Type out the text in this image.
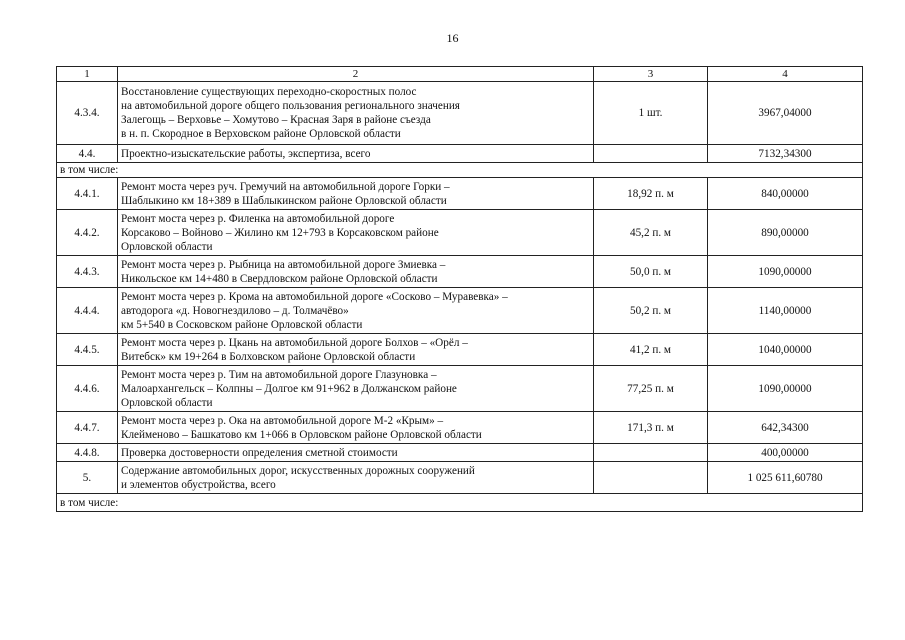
16
1	2	3	4
4.3.4.	Восстановление существующих переходно-скоростных полос
на автомобильной дороге общего пользования регионального значения
Залегощь – Верховье – Хомутово – Красная Заря в районе съезда
в н. п. Скородное в Верховском районе Орловской области	1 шт.	3967,04000
4.4.	Проектно-изыскательские работы, экспертиза, всего		7132,34300
в том числе:			
4.4.1.	Ремонт моста через руч. Гремучий на автомобильной дороге Горки –
Шаблыкино км 18+389 в Шаблыкинском районе Орловской области	18,92 п. м	840,00000
4.4.2.	Ремонт моста через р. Филенка на автомобильной дороге
Корсаково – Войново – Жилино км 12+793 в Корсаковском районе
Орловской области	45,2 п. м	890,00000
4.4.3.	Ремонт моста через р. Рыбница на автомобильной дороге Змиевка –
Никольское км 14+480 в Свердловском районе Орловской области	50,0 п. м	1090,00000
4.4.4.	Ремонт моста через р. Крома на автомобильной дороге «Сосково – Муравевка» –
автодорога «д. Новогнездилово – д. Толмачёво»
км 5+540 в Сосковском районе Орловской области	50,2 п. м	1140,00000
4.4.5.	Ремонт моста через р. Цкань на автомобильной дороге Болхов – «Орёл –
Витебск» км 19+264 в Болховском районе Орловской области	41,2 п. м	1040,00000
4.4.6.	Ремонт моста через р. Тим на автомобильной дороге Глазуновка –
Малоархангельск – Колпны – Долгое км 91+962 в Должанском районе
Орловской области	77,25 п. м	1090,00000
4.4.7.	Ремонт моста через р. Ока на автомобильной дороге М-2 «Крым» –
Клейменово – Башкатово км 1+066 в Орловском районе Орловской области	171,3 п. м	642,34300
4.4.8.	Проверка достоверности определения сметной стоимости		400,00000
5.	Содержание автомобильных дорог, искусственных дорожных сооружений
и элементов обустройства, всего		1 025 611,60780
в том числе:			
